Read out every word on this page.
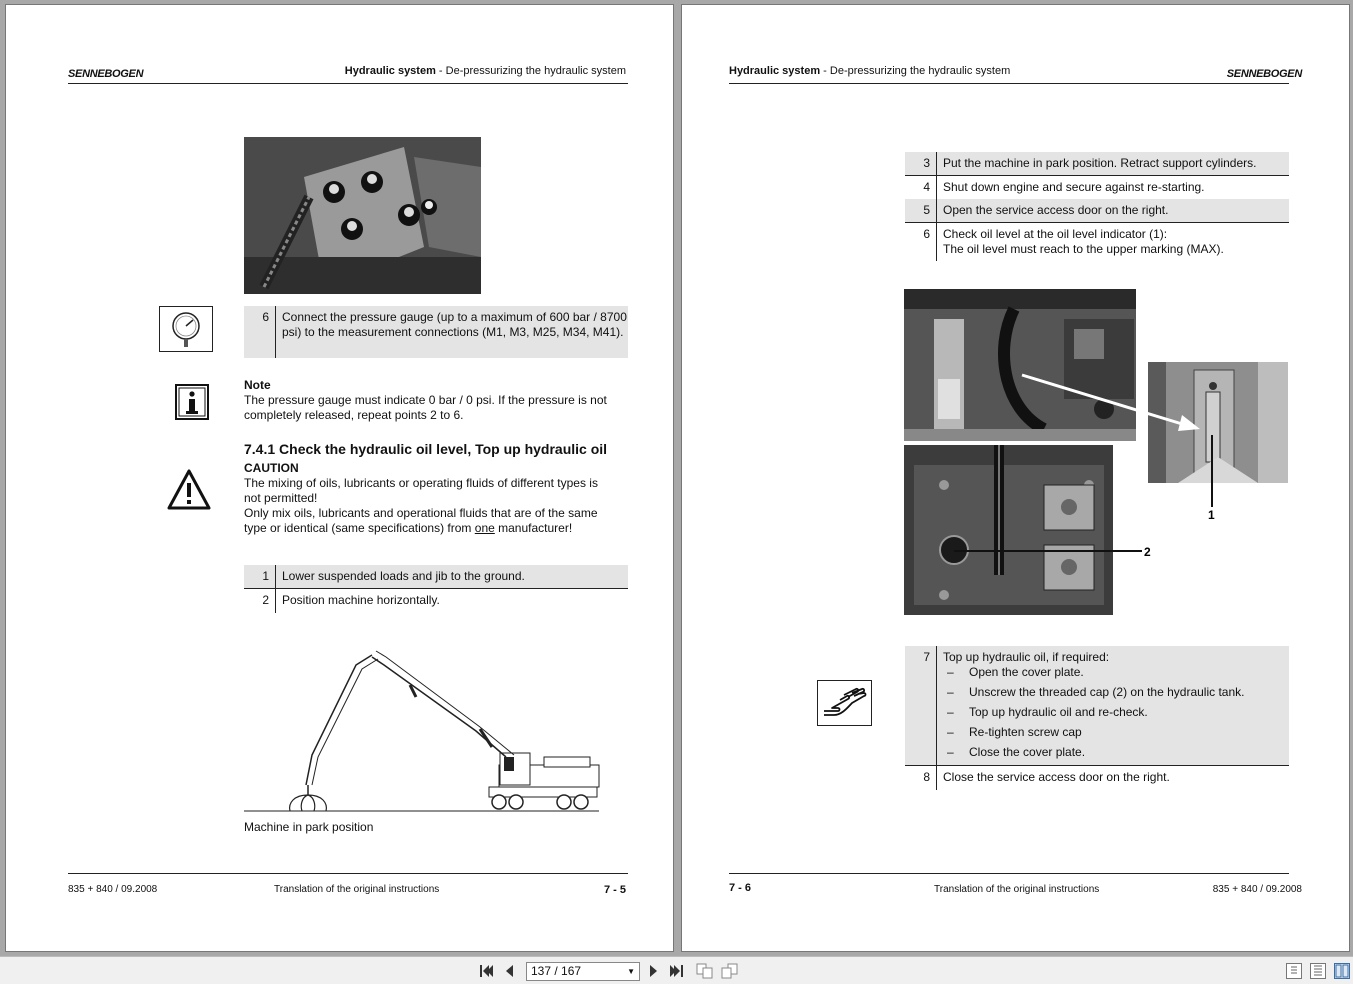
SENNEBOGEN	Hydraulic system - De-pressurizing the hydraulic system
6	Connect the pressure gauge (up to a maximum of 600 bar / 8700 psi) to the measurement connections (M1, M3, M25, M34, M41).
Note
The pressure gauge must indicate 0 bar / 0 psi. If the pressure is not completely released, repeat points 2 to 6.
7.4.1 Check the hydraulic oil level, Top up hydraulic oil
CAUTION
The mixing of oils, lubricants or operating fluids of different types is not permitted!
Only mix oils, lubricants and operational fluids that are of the same type or identical (same specifications) from one manufacturer!
1	Lower suspended loads and jib to the ground.
2	Position machine horizontally.
Machine in park position
835 + 840 / 09.2008	Translation of the original instructions	7 - 5
Hydraulic system - De-pressurizing the hydraulic system	SENNEBOGEN
3	Put the machine in park position. Retract support cylinders.
4	Shut down engine and secure against re-starting.
5	Open the service access door on the right.
6	Check oil level at the oil level indicator (1):
The oil level must reach to the upper marking (MAX).
1
2
7	Top up hydraulic oil, if required:
–	Open the cover plate.
–	Unscrew the threaded cap (2) on the hydraulic tank.
–	Top up hydraulic oil and re-check.
–	Re-tighten screw cap
–	Close the cover plate.
8	Close the service access door on the right.
7 - 6	Translation of the original instructions	835 + 840 / 09.2008
137 / 167	▼
